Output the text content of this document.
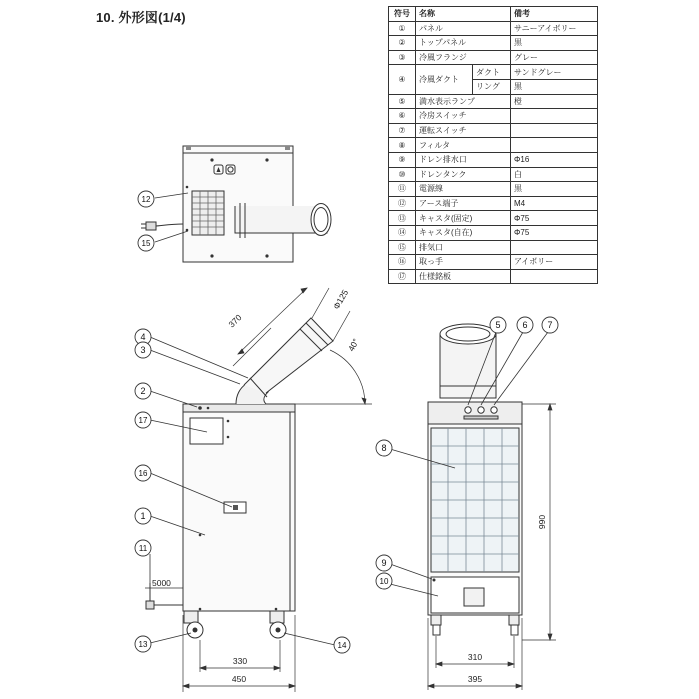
10. 外形図(1/4)	符号	名称		備考
①	パネル		サニーアイボリー
②	トップパネル		黒
③	冷風フランジ		グレー
④	冷風ダクト	ダクト	サンドグレー
		リング	黒
⑤	満水表示ランプ		橙
⑥	冷房スイッチ		
⑦	運転スイッチ		
⑧	フィルタ		
⑨	ドレン排水口		Φ16
⑩	ドレンタンク		白
⑪	電源線		黒
⑫	アース端子		M4
⑬	キャスタ(固定)		Φ75
⑭	キャスタ(自在)		Φ75
⑮	排気口		
⑯	取っ手		アイボリー
⑰	仕様銘板		
12
15
4
3
2
17
16
1
11
13	14
5 6 7
8
9
10
370
Φ125
40°
5000
330
450
310
395
990
